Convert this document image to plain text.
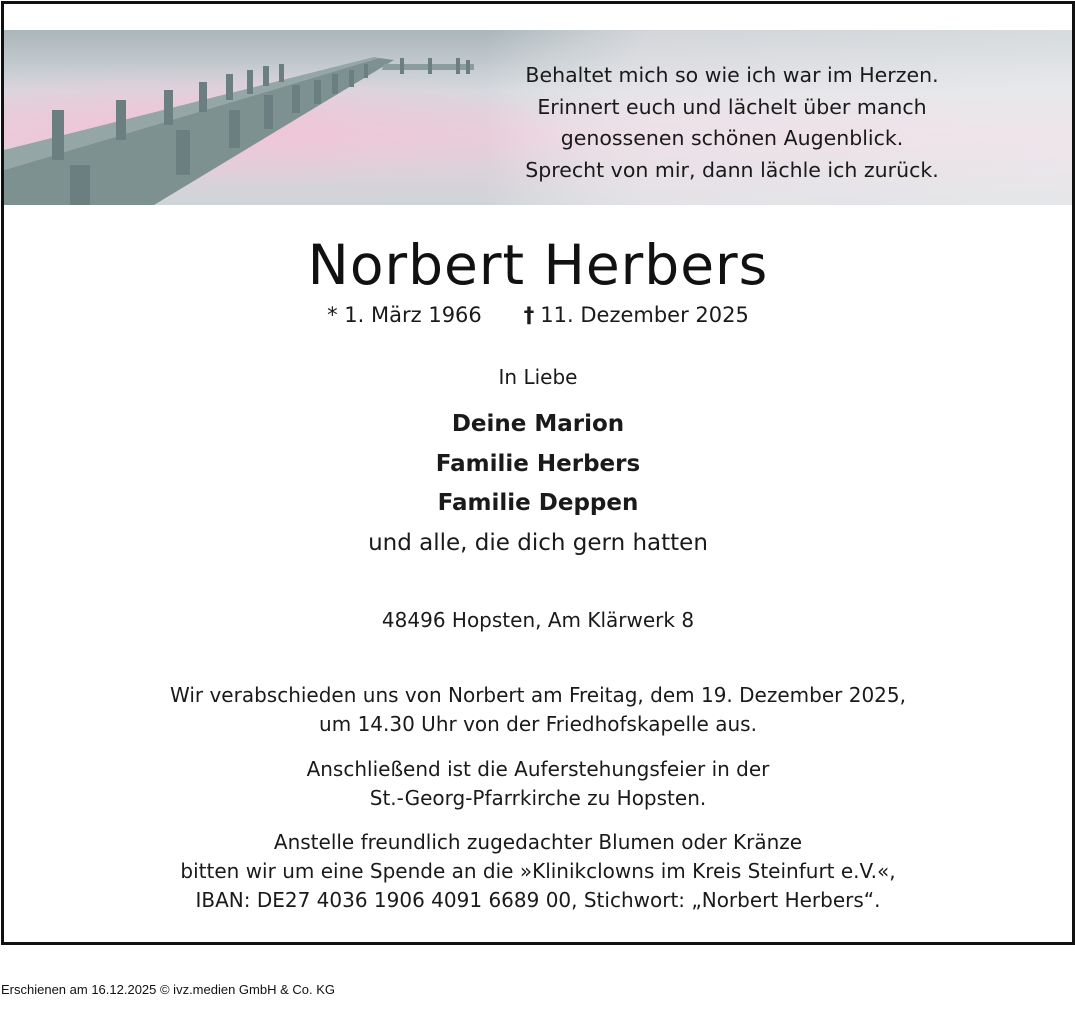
Behaltet mich so wie ich war im Herzen.
Erinnert euch und lächelt über manch
genossenen schönen Augenblick.
Sprecht von mir, dann lächle ich zurück.
Norbert Herbers
* 1. März 1966 † 11. Dezember 2025
In Liebe
Deine Marion
Familie Herbers
Familie Deppen
und alle, die dich gern hatten
48496 Hopsten, Am Klärwerk 8
Wir verabschieden uns von Norbert am Freitag, dem 19. Dezember 2025,
um 14.30 Uhr von der Friedhofskapelle aus.
Anschließend ist die Auferstehungsfeier in der
St.-Georg-Pfarrkirche zu Hopsten.
Anstelle freundlich zugedachter Blumen oder Kränze
bitten wir um eine Spende an die »Klinikclowns im Kreis Steinfurt e.V.«,
IBAN: DE27 4036 1906 4091 6689 00, Stichwort: „Norbert Herbers“.
Erschienen am 16.12.2025 © ivz.medien GmbH & Co. KG
